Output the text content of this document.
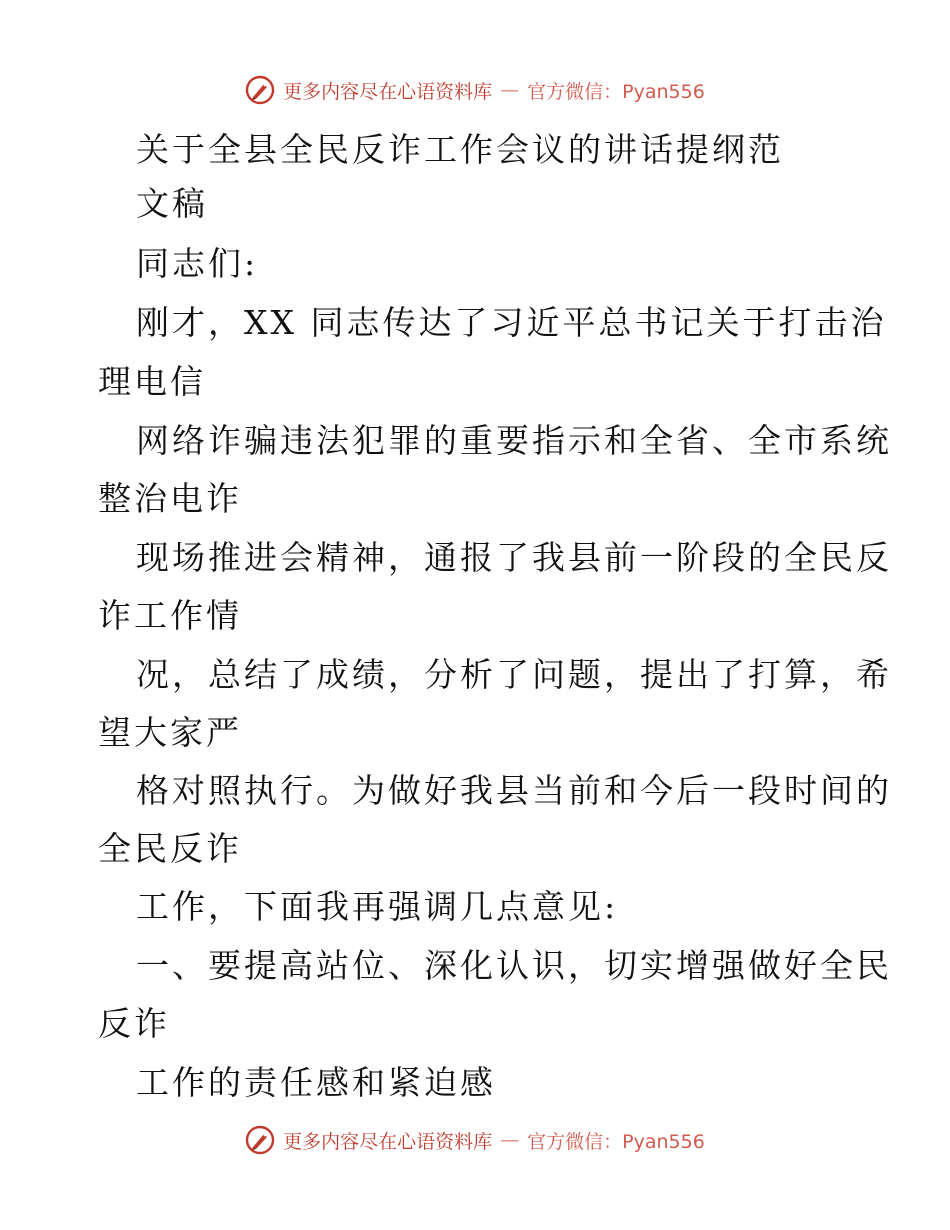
更多内容尽在心语资料库 — 官方微信：Pyan556
关于全县全民反诈工作会议的讲话提纲范
文稿
同志们:
刚才，XX 同志传达了习近平总书记关于打击治
理电信
网络诈骗违法犯罪的重要指示和全省、全市系统
整治电诈
现场推进会精神，通报了我县前一阶段的全民反
诈工作情
况，总结了成绩，分析了问题，提出了打算，希
望大家严
格对照执行。为做好我县当前和今后一段时间的
全民反诈
工作，下面我再强调几点意见:
一、要提高站位、深化认识，切实增强做好全民
反诈
工作的责任感和紧迫感
更多内容尽在心语资料库 — 官方微信：Pyan556
